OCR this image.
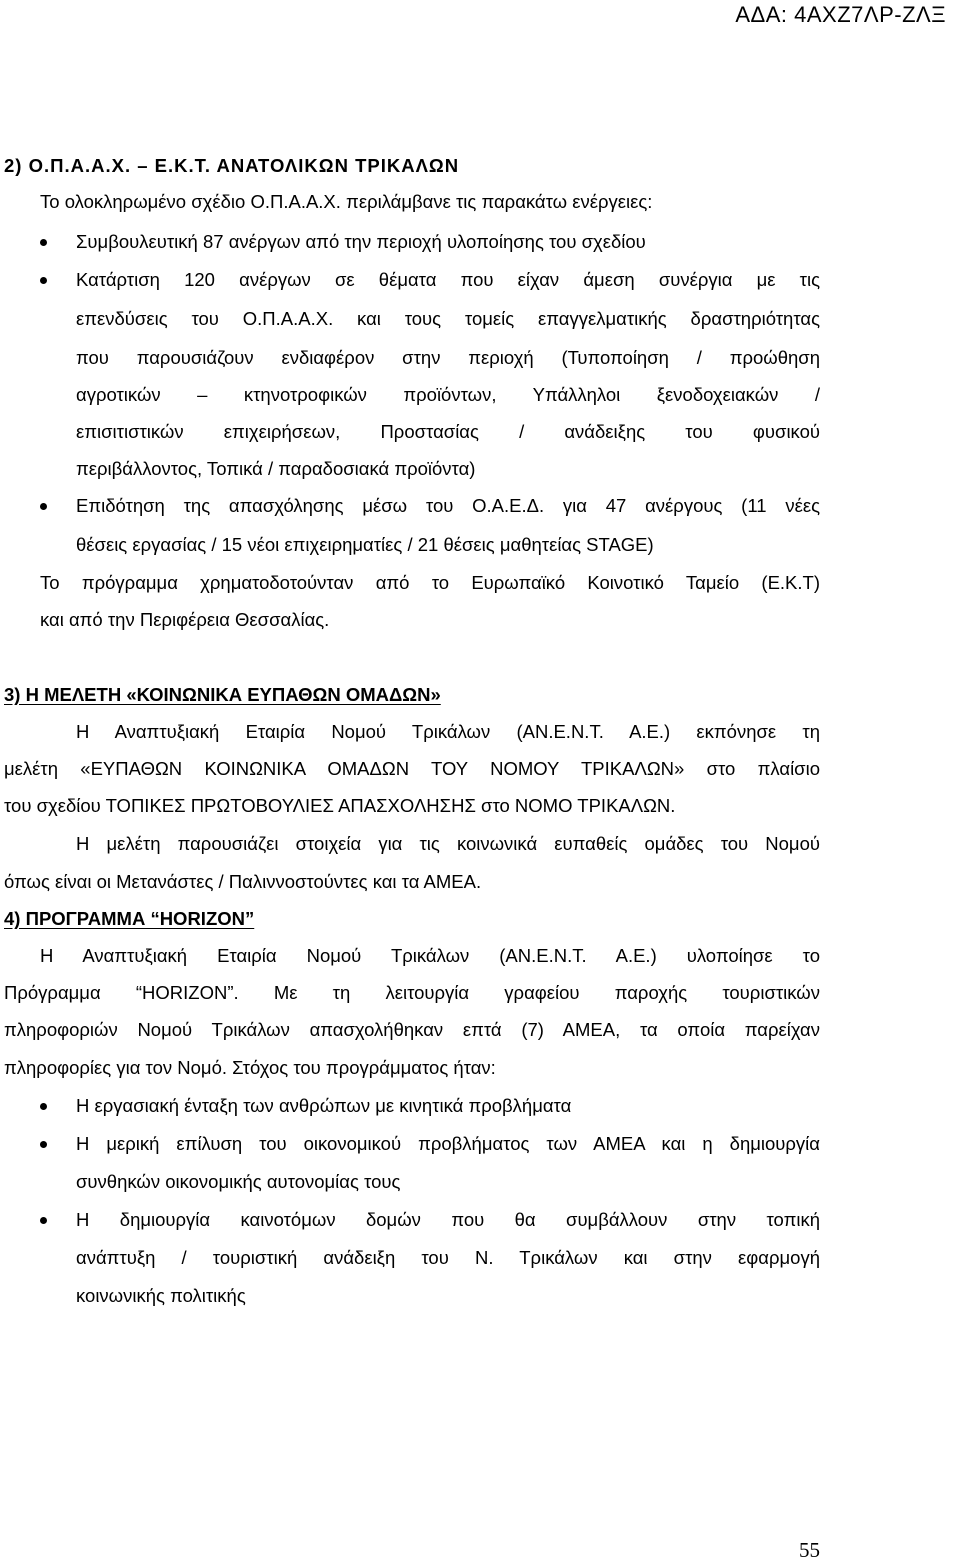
ΑΔΑ: 4ΑΧΖ7ΛΡ-ΖΛΞ
2) Ο.Π.Α.Α.Χ. – Ε.Κ.Τ. ΑΝΑΤΟΛΙΚΩΝ ΤΡΙΚΑΛΩΝ
Το ολοκληρωμένο σχέδιο Ο.Π.Α.Α.Χ. περιλάμβανε τις παρακάτω ενέργειες:
Συμβουλευτική 87 ανέργων από την περιοχή υλοποίησης του σχεδίου
Κατάρτιση 120 ανέργων σε θέματα που είχαν άμεση συνέργια με τις
επενδύσεις του Ο.Π.Α.Α.Χ. και τους τομείς επαγγελματικής δραστηριότητας
που παρουσιάζουν ενδιαφέρον στην περιοχή (Τυποποίηση / προώθηση
αγροτικών – κτηνοτροφικών προϊόντων, Υπάλληλοι ξενοδοχειακών /
επισιτιστικών επιχειρήσεων, Προστασίας / ανάδειξης του φυσικού
περιβάλλοντος, Τοπικά / παραδοσιακά προϊόντα)
Επιδότηση της απασχόλησης μέσω του Ο.Α.Ε.Δ. για 47 ανέργους (11 νέες
θέσεις εργασίας / 15 νέοι επιχειρηματίες / 21 θέσεις μαθητείας STAGE)
Το πρόγραμμα χρηματοδοτούνταν από το Ευρωπαϊκό Κοινοτικό Ταμείο (Ε.Κ.Τ)
και από την Περιφέρεια Θεσσαλίας.
3) Η ΜΕΛΕΤΗ «ΚΟΙΝΩΝΙΚΑ ΕΥΠΑΘΩΝ ΟΜΑΔΩΝ»
Η Αναπτυξιακή Εταιρία Νομού Τρικάλων (ΑΝ.Ε.Ν.Τ. Α.Ε.) εκπόνησε τη
μελέτη «ΕΥΠΑΘΩΝ ΚΟΙΝΩΝΙΚΑ ΟΜΑΔΩΝ ΤΟΥ ΝΟΜΟΥ ΤΡΙΚΑΛΩΝ» στο πλαίσιο
του σχεδίου ΤΟΠΙΚΕΣ ΠΡΩΤΟΒΟΥΛΙΕΣ ΑΠΑΣΧΟΛΗΣΗΣ στο ΝΟΜΟ ΤΡΙΚΑΛΩΝ.
Η μελέτη παρουσιάζει στοιχεία για τις κοινωνικά ευπαθείς ομάδες του Νομού
όπως είναι οι Μετανάστες / Παλιννοστούντες και τα ΑΜΕΑ.
4) ΠΡΟΓΡΑΜΜΑ “HORIZON”
Η Αναπτυξιακή Εταιρία Νομού Τρικάλων (ΑΝ.Ε.Ν.Τ. Α.Ε.) υλοποίησε το
Πρόγραμμα “HORIZON”. Με τη λειτουργία γραφείου παροχής τουριστικών
πληροφοριών Νομού Τρικάλων απασχολήθηκαν επτά (7) ΑΜΕΑ, τα οποία παρείχαν
πληροφορίες για τον Νομό. Στόχος του προγράμματος ήταν:
Η εργασιακή ένταξη των ανθρώπων με κινητικά προβλήματα
Η μερική επίλυση του οικονομικού προβλήματος των ΑΜΕΑ και η δημιουργία
συνθηκών οικονομικής αυτονομίας τους
Η δημιουργία καινοτόμων δομών που θα συμβάλλουν στην τοπική
ανάπτυξη / τουριστική ανάδειξη του Ν. Τρικάλων και στην εφαρμογή
κοινωνικής πολιτικής
55
